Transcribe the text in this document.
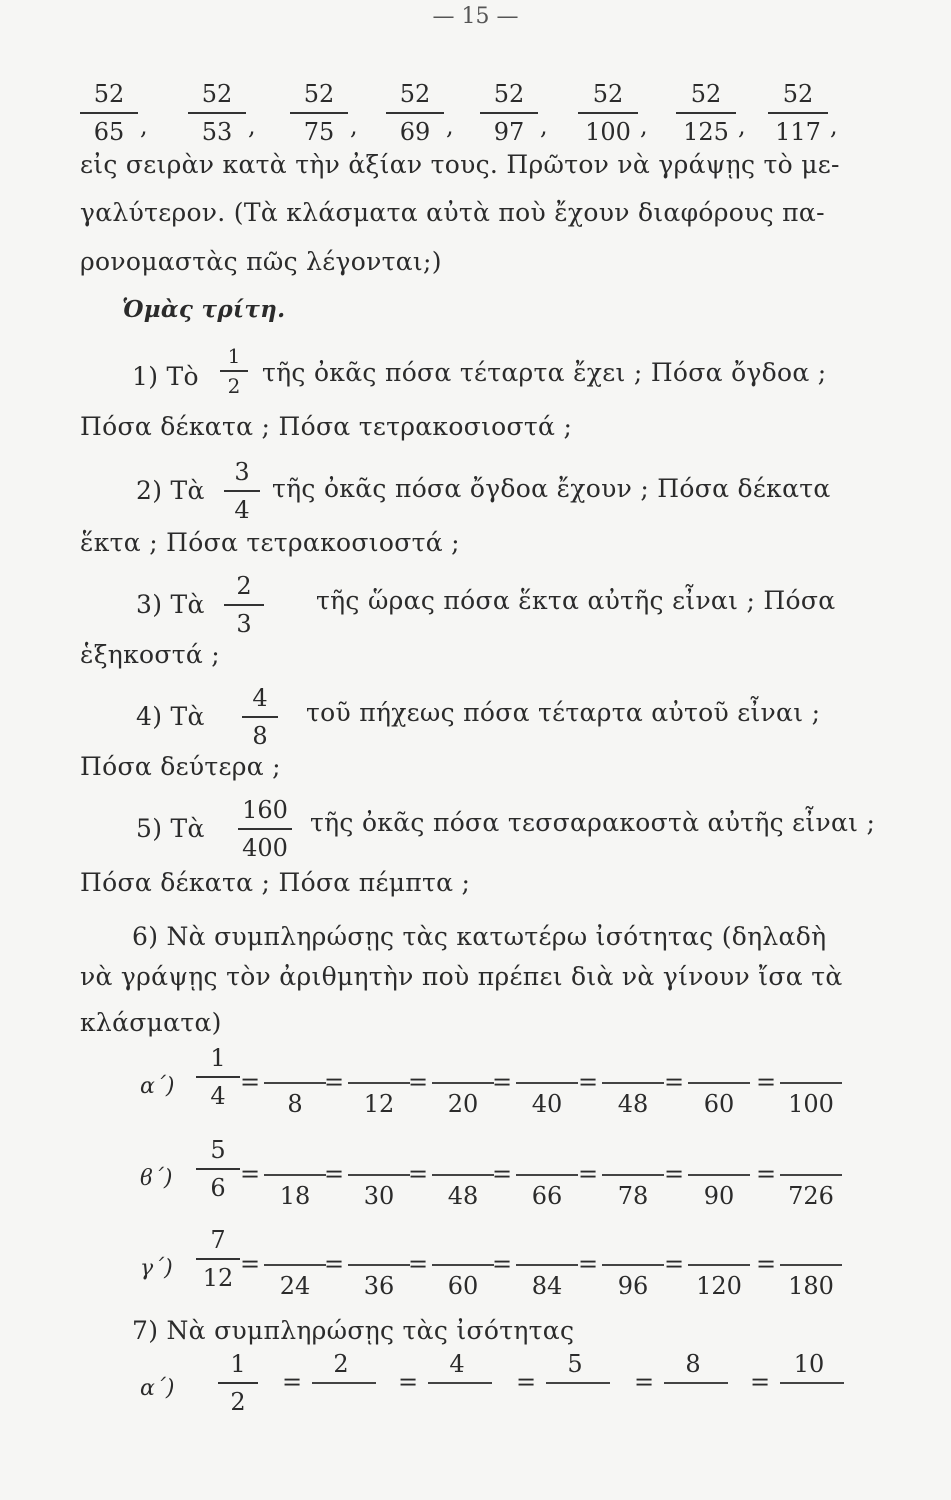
— 15 —
52
65 ,
52
53 ,
52
75 ,
52
69 ,
52
97 ,
52
100 ,
52
125 ,
52
117 ,
εἰς σειρὰν κατὰ τὴν ἀξίαν τους. Πρῶτον νὰ γράψῃς τὸ με-
γαλύτερον. (Τὰ κλάσματα αὐτὰ ποὺ ἔχουν διαφόρους πα-
ρονομαστὰς πῶς λέγονται;)
Ὁμὰς τρίτη.
1) Τὸ
1
2 τῆς ὀκᾶς πόσα τέταρτα ἔχει ; Πόσα ὄγδοα ;
Πόσα δέκατα ; Πόσα τετρακοσιοστά ;
2) Τὰ
3
4
τῆς ὀκᾶς πόσα ὄγδοα ἔχουν ; Πόσα δέκατα
ἕκτα ; Πόσα τετρακοσιοστά ;
3) Τὰ
2
3
τῆς ὥρας πόσα ἕκτα αὐτῆς εἶναι ; Πόσα
ἑξηκοστά ;
4) Τὰ
4
8
τοῦ πήχεως πόσα τέταρτα αὐτοῦ εἶναι ;
Πόσα δεύτερα ;
5) Τὰ
160
400
τῆς ὀκᾶς πόσα τεσσαρακοστὰ αὐτῆς εἶναι ;
Πόσα δέκατα ; Πόσα πέμπτα ;
6) Νὰ συμπληρώσῃς τὰς κατωτέρω ἰσότητας (δηλαδὴ
νὰ γράψῃς τὸν ἀριθμητὴν ποὺ πρέπει διὰ νὰ γίνουν ἴσα τὰ
κλάσματα)
α΄)
1
4 =
8
=
12
=
20
=
40
=
48
=
60
=
100
ϐ΄)
5
6 =
18
=
30
=
48
=
66
=
78
=
90
=
726
γ΄)
7
12 =
24
=
36
=
60
=
84
=
96
=
120
=
180
7) Νὰ συμπληρώσῃς τὰς ἰσότητας
α΄)
1
2
=
2
=
4
=
5
=
8
=
10
